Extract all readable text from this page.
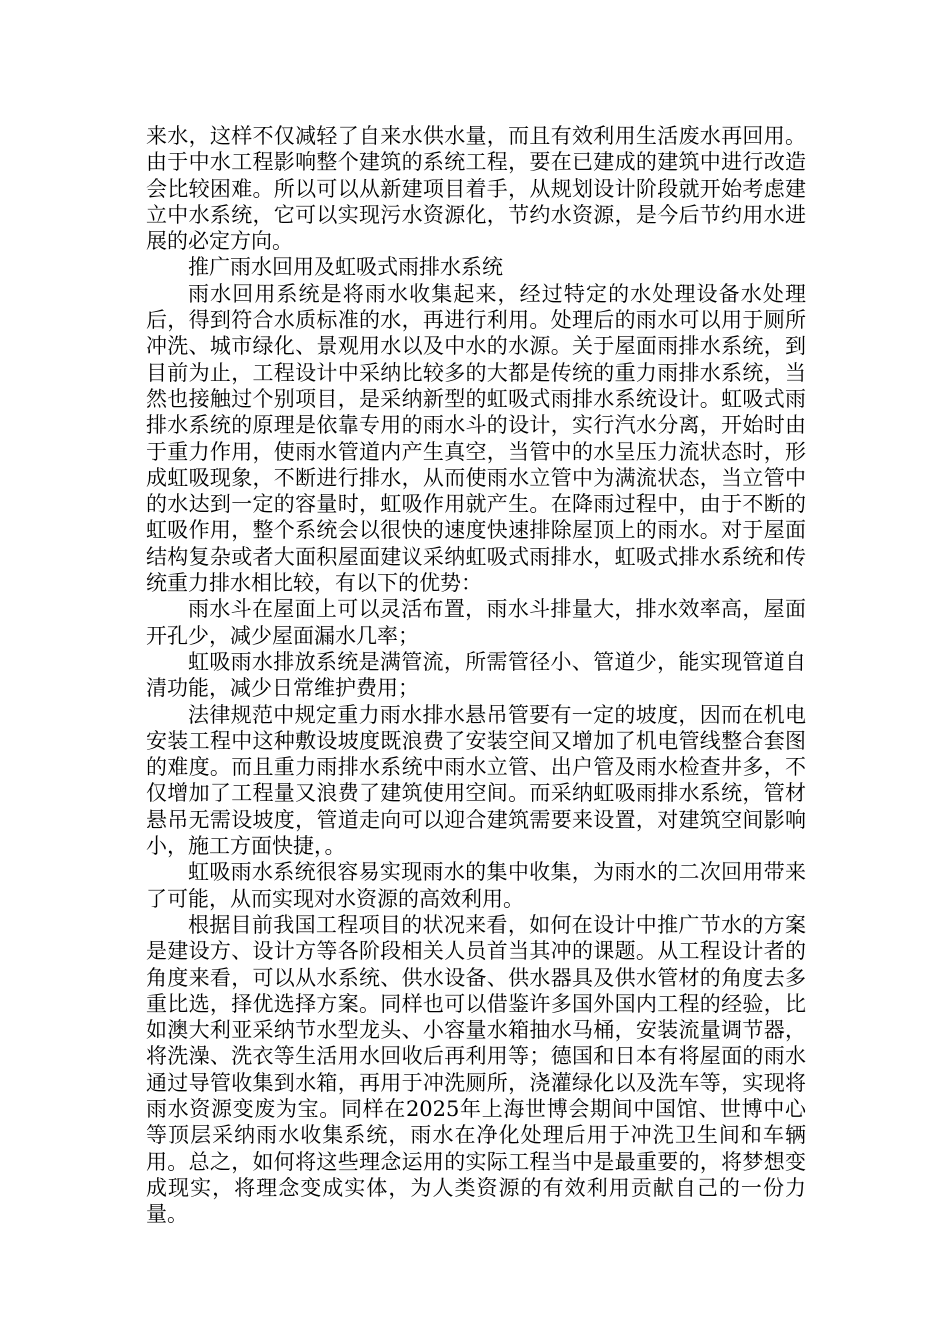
来水，这样不仅减轻了自来水供水量，而且有效利用生活废水再回用。由于中水工程影响整个建筑的系统工程，要在已建成的建筑中进行改造会比较困难。所以可以从新建项目着手，从规划设计阶段就开始考虑建立中水系统，它可以实现污水资源化，节约水资源，是今后节约用水进展的必定方向。

推广雨水回用及虹吸式雨排水系统

雨水回用系统是将雨水收集起来，经过特定的水处理设备水处理后，得到符合水质标准的水，再进行利用。处理后的雨水可以用于厕所冲洗、城市绿化、景观用水以及中水的水源。关于屋面雨排水系统，到目前为止，工程设计中采纳比较多的大都是传统的重力雨排水系统，当然也接触过个别项目，是采纳新型的虹吸式雨排水系统设计。虹吸式雨排水系统的原理是依靠专用的雨水斗的设计，实行汽水分离，开始时由于重力作用，使雨水管道内产生真空，当管中的水呈压力流状态时，形成虹吸现象，不断进行排水，从而使雨水立管中为满流状态，当立管中的水达到一定的容量时，虹吸作用就产生。在降雨过程中，由于不断的虹吸作用，整个系统会以很快的速度快速排除屋顶上的雨水。对于屋面结构复杂或者大面积屋面建议采纳虹吸式雨排水，虹吸式排水系统和传统重力排水相比较，有以下的优势：

雨水斗在屋面上可以灵活布置，雨水斗排量大，排水效率高，屋面开孔少，减少屋面漏水几率；

虹吸雨水排放系统是满管流，所需管径小、管道少，能实现管道自清功能，减少日常维护费用；

法律规范中规定重力雨水排水悬吊管要有一定的坡度，因而在机电安装工程中这种敷设坡度既浪费了安装空间又增加了机电管线整合套图的难度。而且重力雨排水系统中雨水立管、出户管及雨水检查井多，不仅增加了工程量又浪费了建筑使用空间。而采纳虹吸雨排水系统，管材悬吊无需设坡度，管道走向可以迎合建筑需要来设置，对建筑空间影响小，施工方面快捷，。

虹吸雨水系统很容易实现雨水的集中收集，为雨水的二次回用带来了可能，从而实现对水资源的高效利用。

根据目前我国工程项目的状况来看，如何在设计中推广节水的方案是建设方、设计方等各阶段相关人员首当其冲的课题。从工程设计者的角度来看，可以从水系统、供水设备、供水器具及供水管材的角度去多重比选，择优选择方案。同样也可以借鉴许多国外国内工程的经验，比如澳大利亚采纳节水型龙头、小容量水箱抽水马桶，安装流量调节器，将洗澡、洗衣等生活用水回收后再利用等；德国和日本有将屋面的雨水通过导管收集到水箱，再用于冲洗厕所，浇灌绿化以及洗车等，实现将雨水资源变废为宝。同样在2025年上海世博会期间中国馆、世博中心等顶层采纳雨水收集系统，雨水在净化处理后用于冲洗卫生间和车辆用。总之，如何将这些理念运用的实际工程当中是最重要的，将梦想变成现实，将理念变成实体，为人类资源的有效利用贡献自己的一份力量。
